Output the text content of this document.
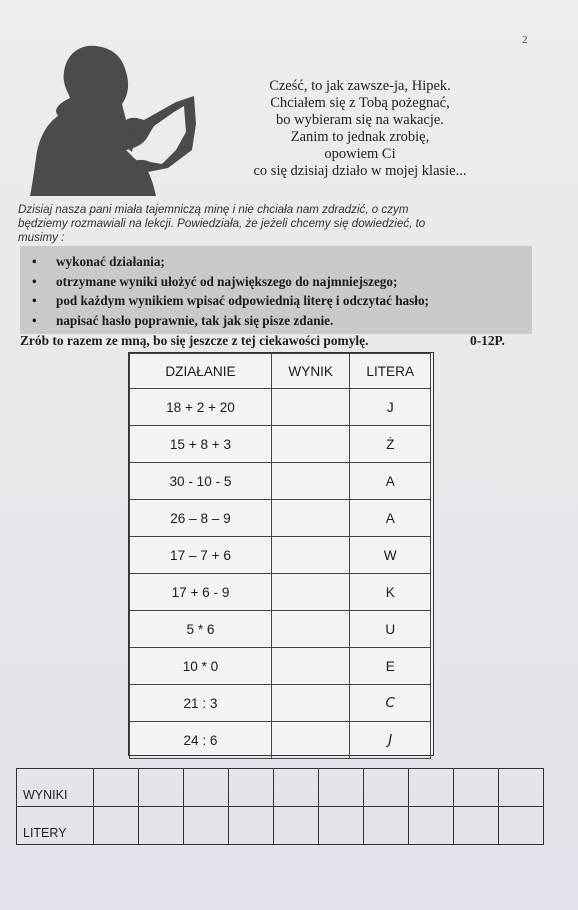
2
Cześć, to jak zawsze-ja, Hipek.
Chciałem się z Tobą pożegnać,
bo wybieram się na wakacje.
Zanim to jednak zrobię,
opowiem Ci
co się dzisiaj działo w mojej klasie...
Dzisiaj nasza pani miała tajemniczą minę i nie chciała nam zdradzić, o czym
będziemy rozmawiali na lekcji. Powiedziała, że jeżeli chcemy się dowiedzieć, to
musimy :
• wykonać działania;
• otrzymane wyniki ułożyć od największego do najmniejszego;
• pod każdym wynikiem wpisać odpowiednią literę i odczytać hasło;
• napisać hasło poprawnie, tak jak się pisze zdanie.
Zrób to razem ze mną, bo się jeszcze z tej ciekawości pomylę.	0-12P.
DZIAŁANIE	WYNIK	LITERA
18 + 2 + 20		J
15 + 8 + 3		Ż
30 - 10 - 5		A
26 – 8 – 9		A
17 – 7 + 6		W
17 + 6 - 9		K
5 * 6		U
10 * 0		E
21 : 3		C
24 : 6		J
WYNIKI										
LITERY										
